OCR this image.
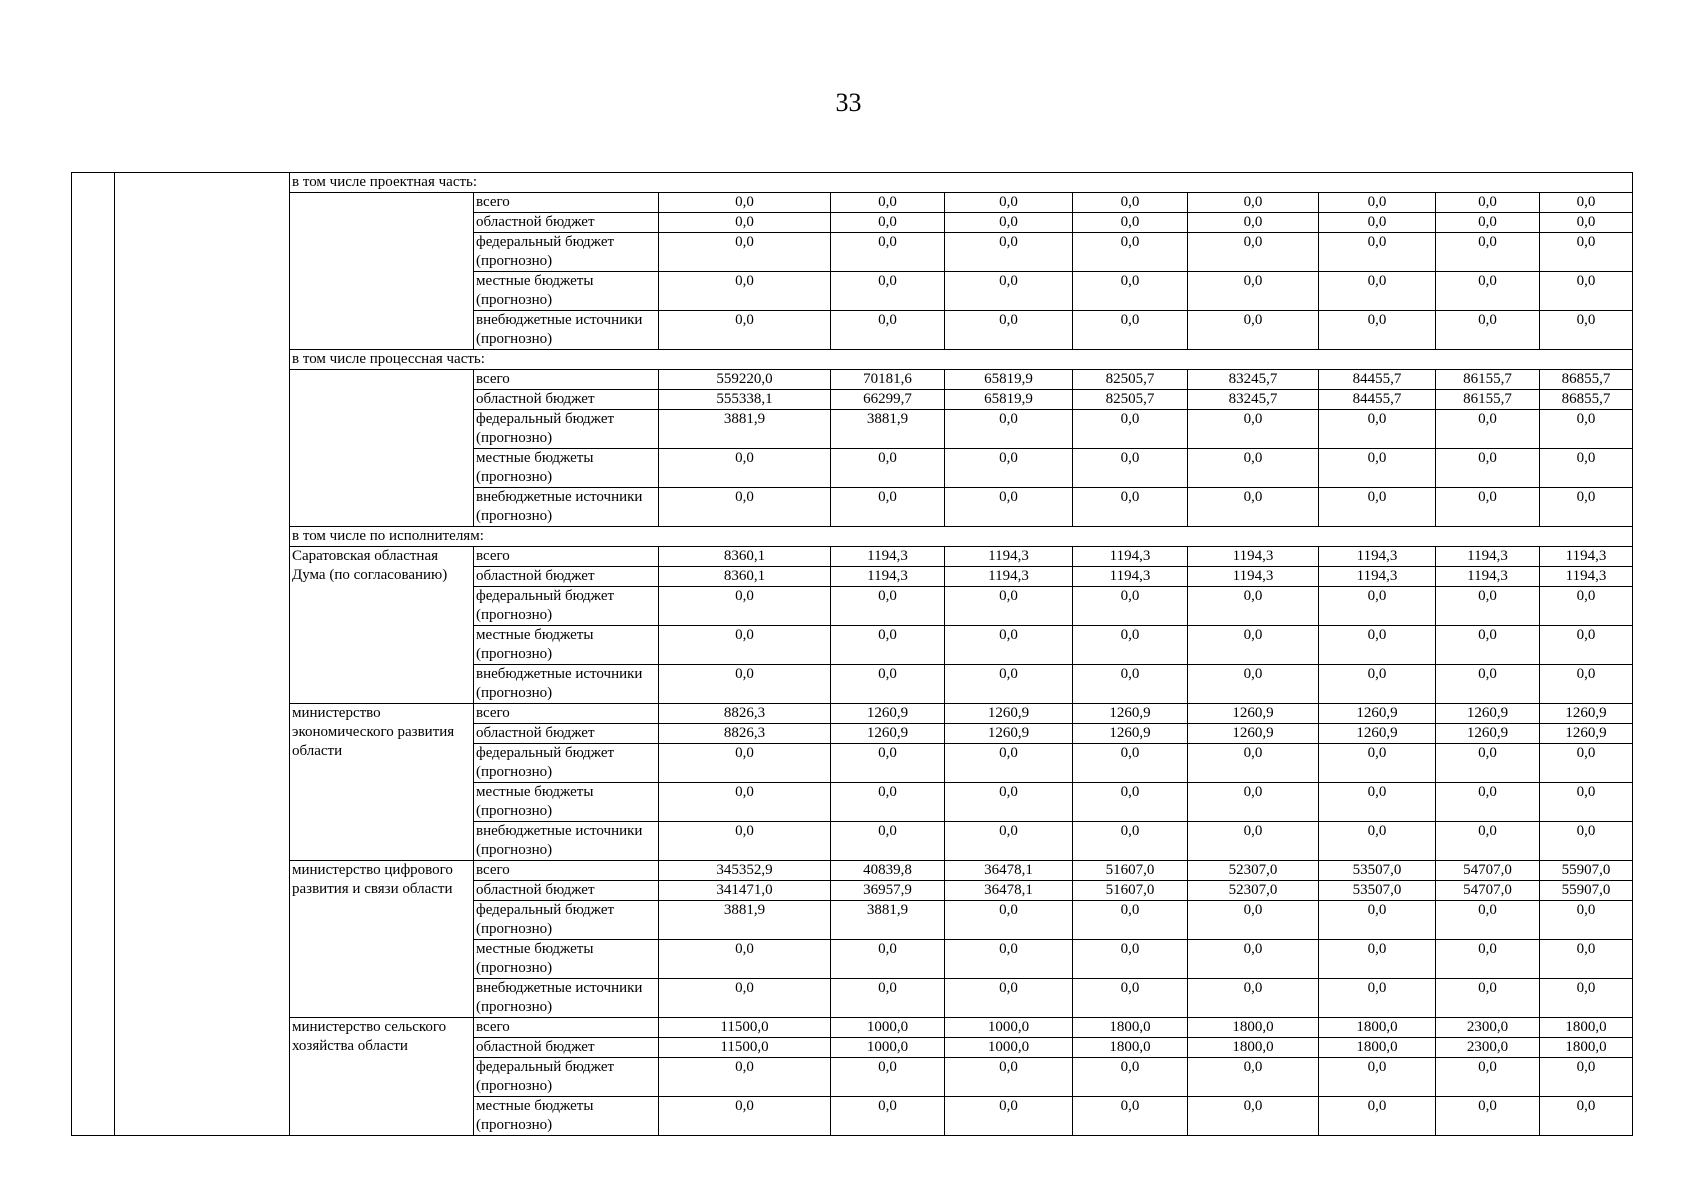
33
		в том числе проектная часть:									
			всего	0,0	0,0	0,0	0,0	0,0	0,0	0,0	0,0
			областной бюджет	0,0	0,0	0,0	0,0	0,0	0,0	0,0	0,0
			федеральный бюджет (прогнозно)	0,0	0,0	0,0	0,0	0,0	0,0	0,0	0,0
			местные бюджеты (прогнозно)	0,0	0,0	0,0	0,0	0,0	0,0	0,0	0,0
			внебюджетные источники (прогнозно)	0,0	0,0	0,0	0,0	0,0	0,0	0,0	0,0
		в том числе процессная часть:									
			всего	559220,0	70181,6	65819,9	82505,7	83245,7	84455,7	86155,7	86855,7
			областной бюджет	555338,1	66299,7	65819,9	82505,7	83245,7	84455,7	86155,7	86855,7
			федеральный бюджет (прогнозно)	3881,9	3881,9	0,0	0,0	0,0	0,0	0,0	0,0
			местные бюджеты (прогнозно)	0,0	0,0	0,0	0,0	0,0	0,0	0,0	0,0
			внебюджетные источники (прогнозно)	0,0	0,0	0,0	0,0	0,0	0,0	0,0	0,0
		в том числе по исполнителям:									
		Саратовская областная Дума (по согласованию)	всего	8360,1	1194,3	1194,3	1194,3	1194,3	1194,3	1194,3	1194,3
			областной бюджет	8360,1	1194,3	1194,3	1194,3	1194,3	1194,3	1194,3	1194,3
			федеральный бюджет (прогнозно)	0,0	0,0	0,0	0,0	0,0	0,0	0,0	0,0
			местные бюджеты (прогнозно)	0,0	0,0	0,0	0,0	0,0	0,0	0,0	0,0
			внебюджетные источники (прогнозно)	0,0	0,0	0,0	0,0	0,0	0,0	0,0	0,0
		министерство экономического развития области	всего	8826,3	1260,9	1260,9	1260,9	1260,9	1260,9	1260,9	1260,9
			областной бюджет	8826,3	1260,9	1260,9	1260,9	1260,9	1260,9	1260,9	1260,9
			федеральный бюджет (прогнозно)	0,0	0,0	0,0	0,0	0,0	0,0	0,0	0,0
			местные бюджеты (прогнозно)	0,0	0,0	0,0	0,0	0,0	0,0	0,0	0,0
			внебюджетные источники (прогнозно)	0,0	0,0	0,0	0,0	0,0	0,0	0,0	0,0
		министерство цифрового развития и связи области	всего	345352,9	40839,8	36478,1	51607,0	52307,0	53507,0	54707,0	55907,0
			областной бюджет	341471,0	36957,9	36478,1	51607,0	52307,0	53507,0	54707,0	55907,0
			федеральный бюджет (прогнозно)	3881,9	3881,9	0,0	0,0	0,0	0,0	0,0	0,0
			местные бюджеты (прогнозно)	0,0	0,0	0,0	0,0	0,0	0,0	0,0	0,0
			внебюджетные источники (прогнозно)	0,0	0,0	0,0	0,0	0,0	0,0	0,0	0,0
		министерство сельского хозяйства области	всего	11500,0	1000,0	1000,0	1800,0	1800,0	1800,0	2300,0	1800,0
			областной бюджет	11500,0	1000,0	1000,0	1800,0	1800,0	1800,0	2300,0	1800,0
			федеральный бюджет (прогнозно)	0,0	0,0	0,0	0,0	0,0	0,0	0,0	0,0
			местные бюджеты (прогнозно)	0,0	0,0	0,0	0,0	0,0	0,0	0,0	0,0
